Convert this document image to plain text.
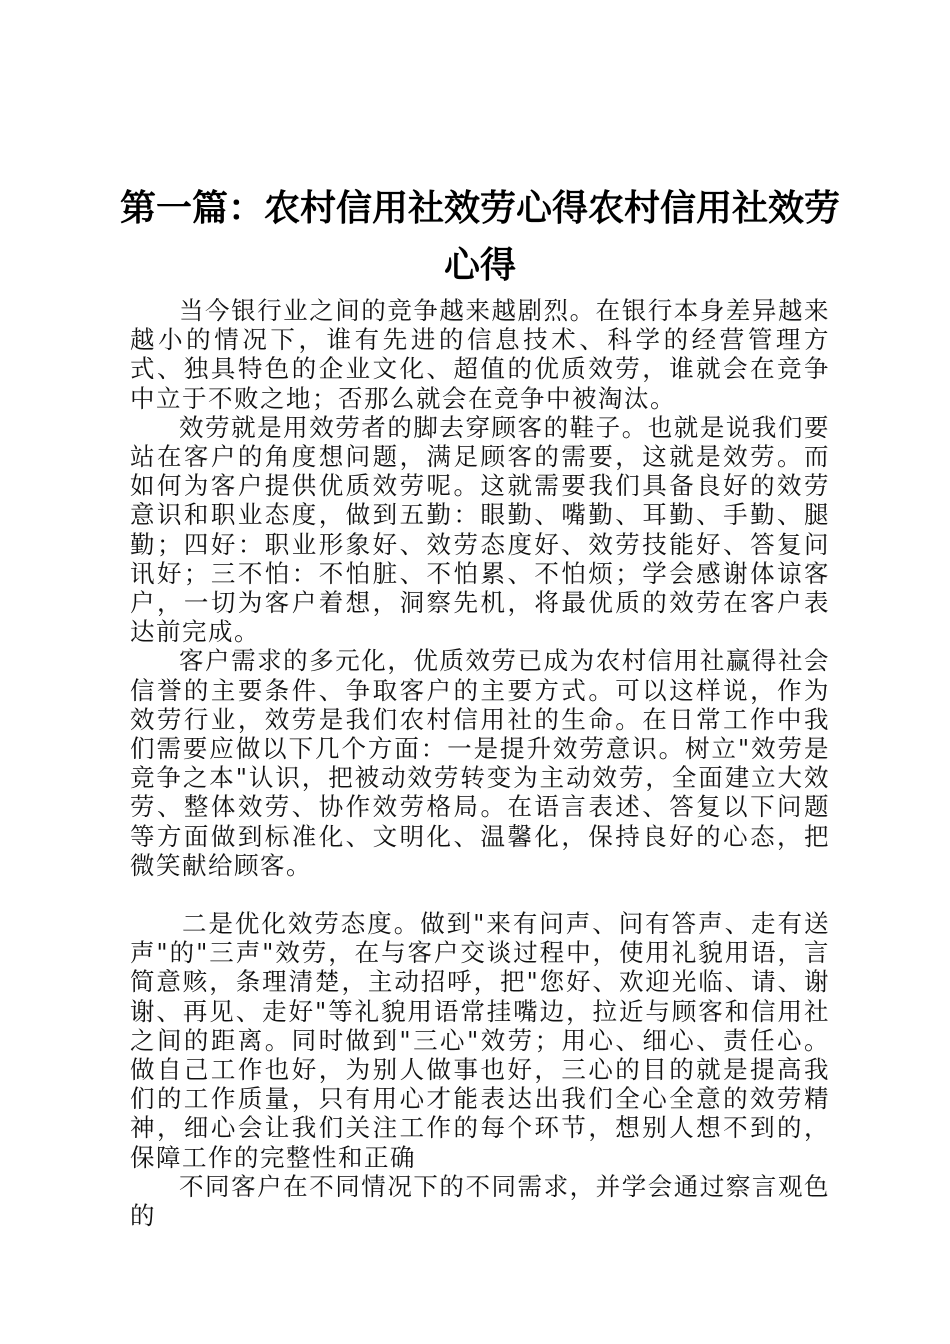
第一篇：农村信用社效劳心得农村信用社效劳
心得

当今银行业之间的竞争越来越剧烈。在银行本身差异越来越小的情况下，谁有先进的信息技术、科学的经营管理方式、独具特色的企业文化、超值的优质效劳，谁就会在竞争中立于不败之地；否那么就会在竞争中被淘汰。

效劳就是用效劳者的脚去穿顾客的鞋子。也就是说我们要站在客户的角度想问题，满足顾客的需要，这就是效劳。而如何为客户提供优质效劳呢。这就需要我们具备良好的效劳意识和职业态度，做到五勤：眼勤、嘴勤、耳勤、手勤、腿勤；四好：职业形象好、效劳态度好、效劳技能好、答复问讯好；三不怕：不怕脏、不怕累、不怕烦；学会感谢体谅客户，一切为客户着想，洞察先机，将最优质的效劳在客户表达前完成。

客户需求的多元化，优质效劳已成为农村信用社赢得社会信誉的主要条件、争取客户的主要方式。可以这样说，作为效劳行业，效劳是我们农村信用社的生命。在日常工作中我们需要应做以下几个方面：一是提升效劳意识。树立"效劳是竞争之本"认识，把被动效劳转变为主动效劳，全面建立大效劳、整体效劳、协作效劳格局。在语言表述、答复以下问题等方面做到标准化、文明化、温馨化，保持良好的心态，把微笑献给顾客。

二是优化效劳态度。做到"来有问声、问有答声、走有送声"的"三声"效劳，在与客户交谈过程中，使用礼貌用语，言简意赅，条理清楚，主动招呼，把"您好、欢迎光临、请、谢谢、再见、走好"等礼貌用语常挂嘴边，拉近与顾客和信用社之间的距离。同时做到"三心"效劳；用心、细心、责任心。做自己工作也好，为别人做事也好，三心的目的就是提高我们的工作质量，只有用心才能表达出我们全心全意的效劳精神，细心会让我们关注工作的每个环节，想别人想不到的，保障工作的完整性和正确

不同客户在不同情况下的不同需求，并学会通过察言观色的
